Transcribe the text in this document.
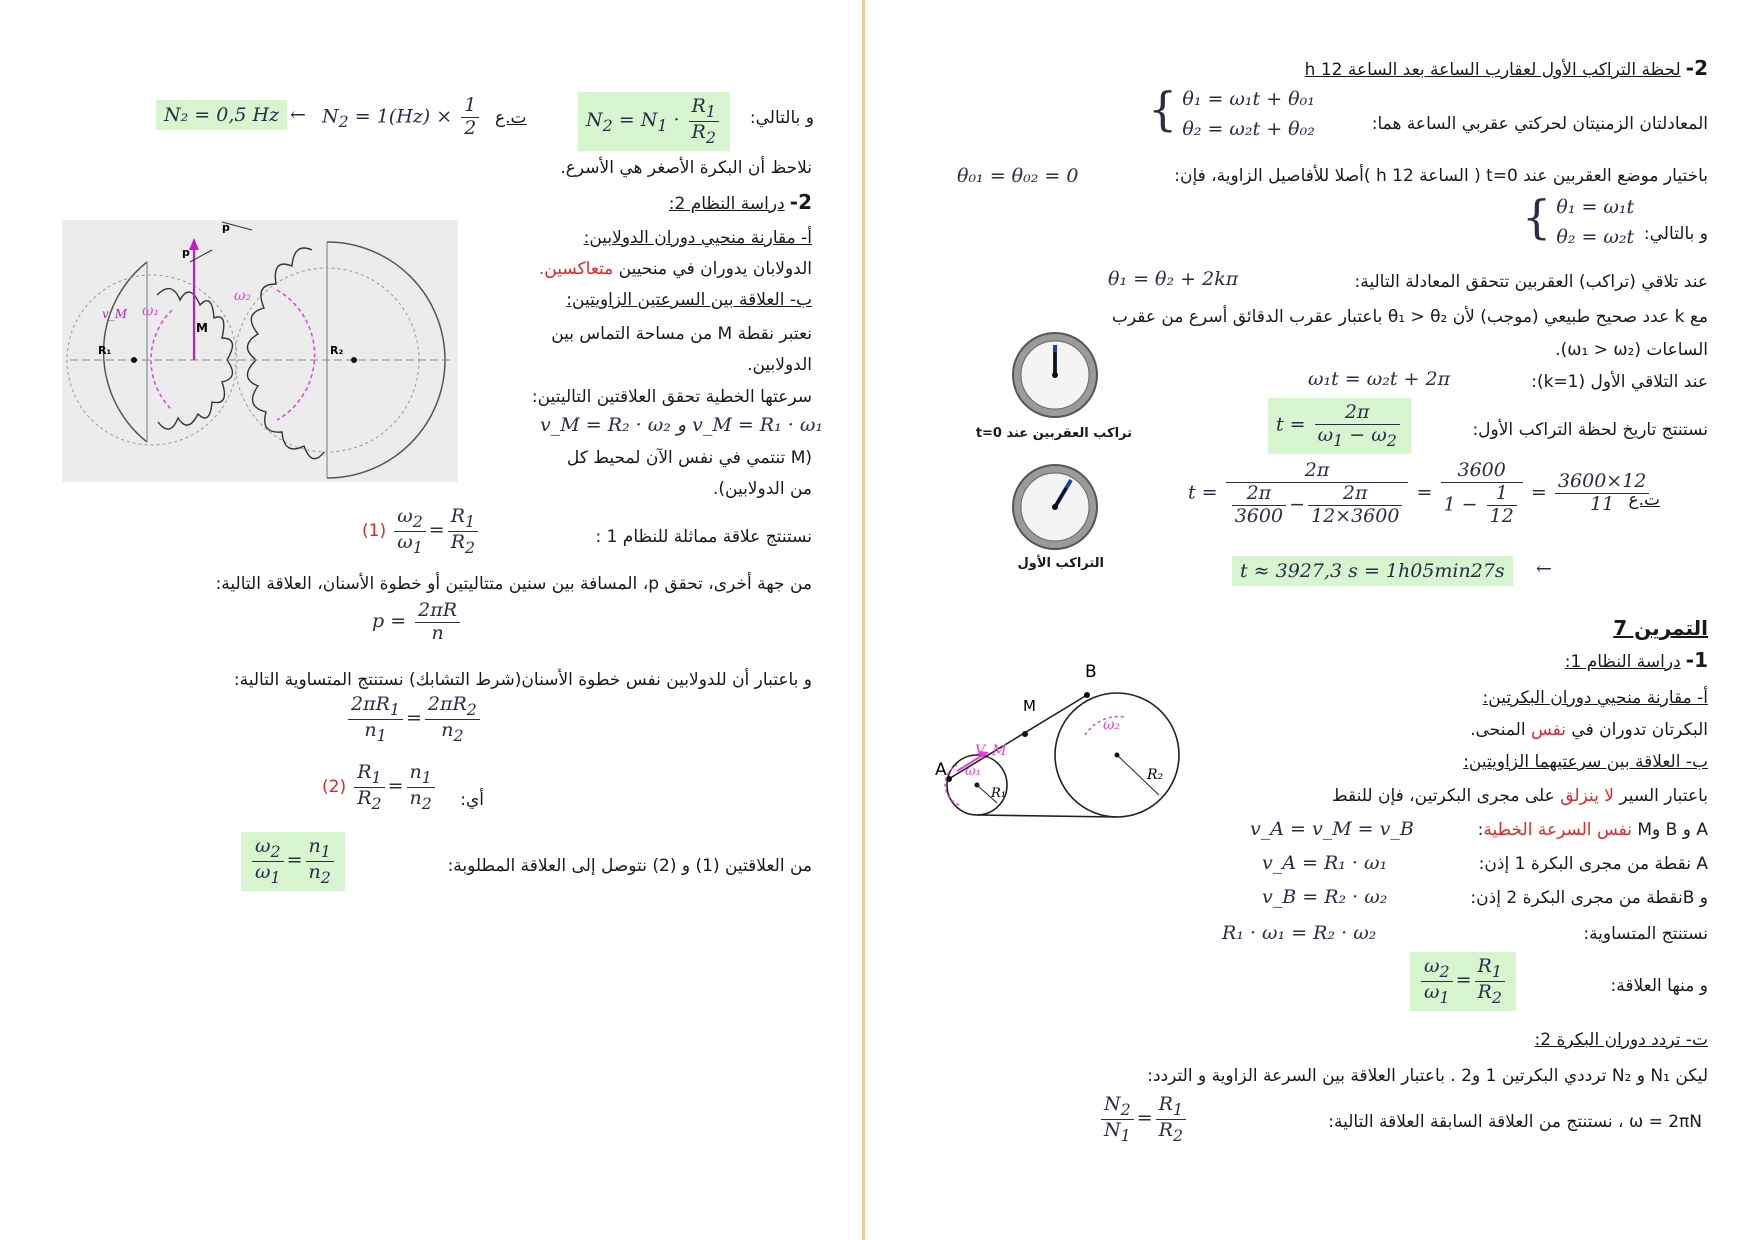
و بالتالي:
$N_2 = N_1 \cdot \frac{R_1}{R_2}$
ت.ع
$N_2 = 1(Hz) \times \frac{1}{2}$
←
N₂ = 0,5 Hz
نلاحظ أن البكرة الأصغر هي الأسرع.
2- دراسة النظام 2:
v_M
p
p
ω₁
ω₂
M
R₁	R₂
أ- مقارنة منحيي دوران الدولابين:
الدولابان يدوران في منحيين متعاكسين.
ب- العلاقة بين السرعتين الزاويتين:
نعتبر نقطة M من مساحة التماس بين
الدولابين.
سرعتها الخطية تحقق العلاقتين التاليتين:
v_M = R₂ · ω₂ و v_M = R₁ · ω₁
(M تنتمي في نفس الآن لمحيط كل
من الدولابين).
نستنتج علاقة مماثلة للنظام 1 :
$(1) \frac{\omega_2}{\omega_1} = \frac{R_1}{R_2}$
من جهة أخرى، تحقق p، المسافة بين سنين متتاليتين أو خطوة الأسنان، العلاقة التالية:
$p = \frac{2\pi R}{n}$
و باعتبار أن للدولابين نفس خطوة الأسنان(شرط التشابك) نستنتج المتساوية التالية:
$\frac{2\pi R_1}{n_1} = \frac{2\pi R_2}{n_2}$
أي:
$(2) \frac{R_1}{R_2} = \frac{n_1}{n_2}$
من العلاقتين (1) و (2) نتوصل إلى العلاقة المطلوبة:
$\frac{\omega_2}{\omega_1} = \frac{n_1}{n_2}$
2- لحظة التراكب الأول لعقارب الساعة بعد الساعة 12 h
المعادلتان الزمنيتان لحركتي عقربي الساعة هما:
{ θ₁ = ω₁t + θ₀₁
θ₂ = ω₂t + θ₀₂
باختيار موضع العقربين عند t=0 ( الساعة 12 h )أصلا للأفاصيل الزاوية، فإن:
θ₀₁ = θ₀₂ = 0
و بالتالي:
{ θ₁ = ω₁t
θ₂ = ω₂t
عند تلاقي (تراكب) العقربين تتحقق المعادلة التالية:
θ₁ = θ₂ + 2kπ
مع k عدد صحيح طبيعي (موجب) لأن θ₁ > θ₂ باعتبار عقرب الدقائق أسرع من عقرب
الساعات (ω₁ > ω₂).
تراكب العقربين عند t=0
عند التلاقي الأول (k=1):
ω₁t = ω₂t + 2π
نستنتج تاريخ لحظة التراكب الأول:
$t = \frac{2\pi}{\omega_1 - \omega_2}$
التراكب الأول
ت.ع
$t = \frac{2\pi}{\frac{2\pi}{3600} - \frac{2\pi}{12\times 3600}} = \frac{3600}{1 - \frac{1}{12}} = \frac{3600\times 12}{11}$
t ≈ 3927,3 s = 1h05min27s	←
التمرين 7
1- دراسة النظام 1:
A
B
M
V_M
ω₁
ω₂
R₁
R₂
أ- مقارنة منحيي دوران البكرتين:
البكرتان تدوران في نفس المنحى.
ب- العلاقة بين سرعتيهما الزاويتين:
باعتبار السير لا ينزلق على مجرى البكرتين، فإن للنقط
A و B وM نفس السرعة الخطية:
v_A = v_M = v_B
A نقطة من مجرى البكرة 1 إذن:
v_A = R₁ · ω₁
و Bنقطة من مجرى البكرة 2 إذن:
v_B = R₂ · ω₂
نستنتج المتساوية:
R₁ · ω₁ = R₂ · ω₂
و منها العلاقة:
$\frac{\omega_2}{\omega_1} = \frac{R_1}{R_2}$
ت- تردد دوران البكرة 2:
ليكن N₁ و N₂ ترددي البكرتين 1 و2 . باعتبار العلاقة بين السرعة الزاوية و التردد:
ω = 2πN ، نستنتج من العلاقة السابقة العلاقة التالية:
$\frac{N_2}{N_1} = \frac{R_1}{R_2}$
